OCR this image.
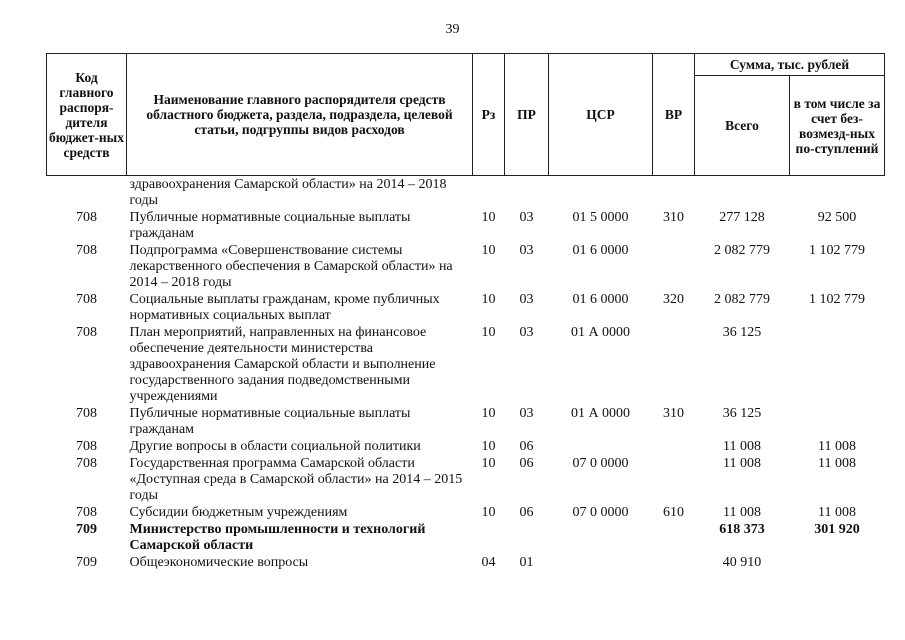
39
Код главного распоря-дителя бюджет-ных средств	Наименование главного распорядителя средств областного бюджета, раздела, подраздела, целевой статьи, подгруппы видов расходов	Рз	ПР	ЦСР	ВР	Сумма, тыс. рублей	
						Всего	в том числе за счет без-возмезд-ных по-ступлений
	здравоохранения Самарской области» на 2014 – 2018 годы						
708	Публичные нормативные социальные выплаты гражданам	10	03	01 5 0000	310	277 128	92 500
708	Подпрограмма «Совершенствование системы лекарственного обеспечения в Самарской области» на 2014 – 2018 годы	10	03	01 6 0000		2 082 779	1 102 779
708	Социальные выплаты гражданам, кроме публичных нормативных социальных выплат	10	03	01 6 0000	320	2 082 779	1 102 779
708	План мероприятий, направленных на финансовое обеспечение деятельности министерства здравоохранения Самарской области и выполнение государственного задания подведомственными учреждениями	10	03	01 А 0000		36 125	
708	Публичные нормативные социальные выплаты гражданам	10	03	01 А 0000	310	36 125	
708	Другие вопросы в области социальной политики	10	06			11 008	11 008
708	Государственная программа Самарской области «Доступная среда в Самарской области» на 2014 – 2015 годы	10	06	07 0 0000		11 008	11 008
708	Субсидии бюджетным учреждениям	10	06	07 0 0000	610	11 008	11 008
709	Министерство промышленности и технологий Самарской области					618 373	301 920
709	Общеэкономические вопросы	04	01			40 910	
